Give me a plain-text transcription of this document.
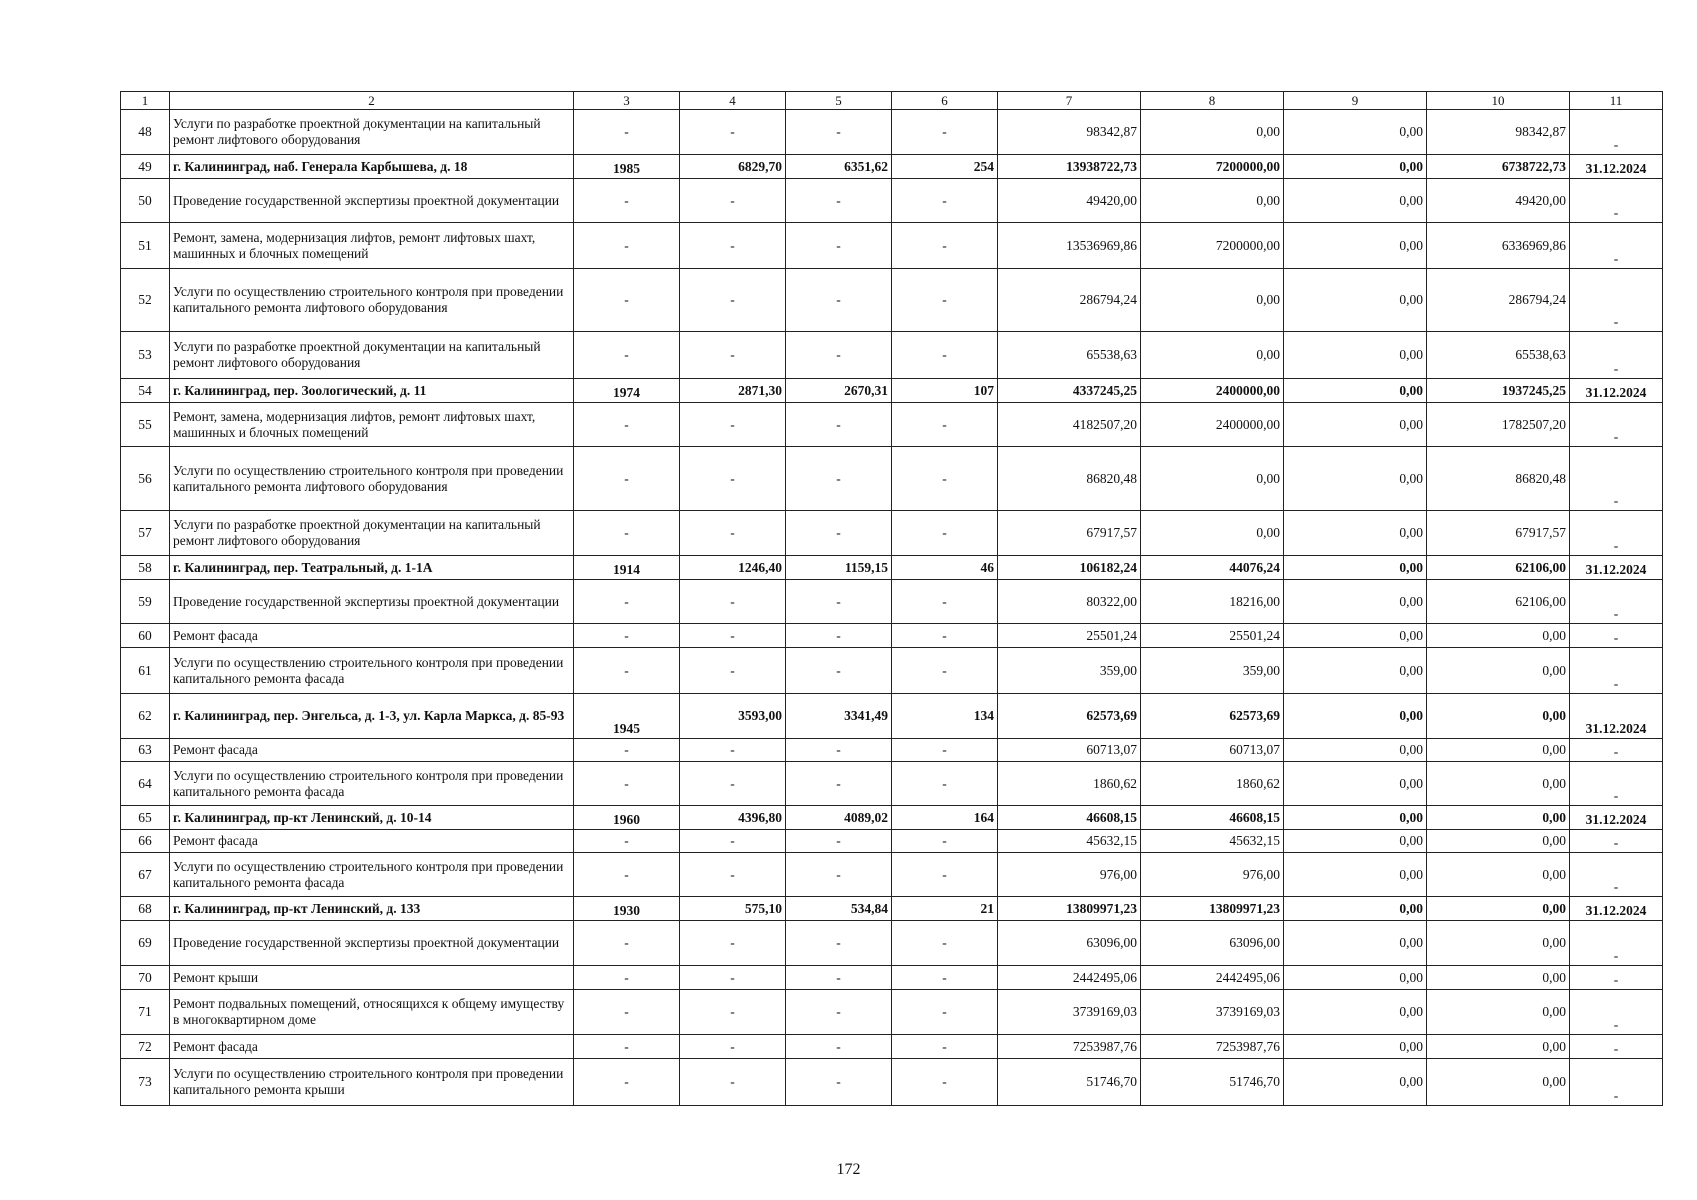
1	2	3	4	5	6	7	8	9	10	11
48	Услуги по разработке проектной документации на капитальный ремонт лифтового оборудования	-	-	-	-	98342,87	0,00	0,00	98342,87	-
49	г. Калининград, наб. Генерала Карбышева, д. 18	1985	6829,70	6351,62	254	13938722,73	7200000,00	0,00	6738722,73	31.12.2024
50	Проведение государственной экспертизы проектной документации	-	-	-	-	49420,00	0,00	0,00	49420,00	-
51	Ремонт, замена, модернизация лифтов, ремонт лифтовых шахт, машинных и блочных помещений	-	-	-	-	13536969,86	7200000,00	0,00	6336969,86	-
52	Услуги по осуществлению строительного контроля при проведении капитального ремонта лифтового оборудования	-	-	-	-	286794,24	0,00	0,00	286794,24	-
53	Услуги по разработке проектной документации на капитальный ремонт лифтового оборудования	-	-	-	-	65538,63	0,00	0,00	65538,63	-
54	г. Калининград, пер. Зоологический, д. 11	1974	2871,30	2670,31	107	4337245,25	2400000,00	0,00	1937245,25	31.12.2024
55	Ремонт, замена, модернизация лифтов, ремонт лифтовых шахт, машинных и блочных помещений	-	-	-	-	4182507,20	2400000,00	0,00	1782507,20	-
56	Услуги по осуществлению строительного контроля при проведении капитального ремонта лифтового оборудования	-	-	-	-	86820,48	0,00	0,00	86820,48	-
57	Услуги по разработке проектной документации на капитальный ремонт лифтового оборудования	-	-	-	-	67917,57	0,00	0,00	67917,57	-
58	г. Калининград, пер. Театральный, д. 1-1А	1914	1246,40	1159,15	46	106182,24	44076,24	0,00	62106,00	31.12.2024
59	Проведение государственной экспертизы проектной документации	-	-	-	-	80322,00	18216,00	0,00	62106,00	-
60	Ремонт фасада	-	-	-	-	25501,24	25501,24	0,00	0,00	-
61	Услуги по осуществлению строительного контроля при проведении капитального ремонта фасада	-	-	-	-	359,00	359,00	0,00	0,00	-
62	г. Калининград, пер. Энгельса, д. 1-3, ул. Карла Маркса, д. 85-93	1945	3593,00	3341,49	134	62573,69	62573,69	0,00	0,00	31.12.2024
63	Ремонт фасада	-	-	-	-	60713,07	60713,07	0,00	0,00	-
64	Услуги по осуществлению строительного контроля при проведении капитального ремонта фасада	-	-	-	-	1860,62	1860,62	0,00	0,00	-
65	г. Калининград, пр-кт Ленинский, д. 10-14	1960	4396,80	4089,02	164	46608,15	46608,15	0,00	0,00	31.12.2024
66	Ремонт фасада	-	-	-	-	45632,15	45632,15	0,00	0,00	-
67	Услуги по осуществлению строительного контроля при проведении капитального ремонта фасада	-	-	-	-	976,00	976,00	0,00	0,00	-
68	г. Калининград, пр-кт Ленинский, д. 133	1930	575,10	534,84	21	13809971,23	13809971,23	0,00	0,00	31.12.2024
69	Проведение государственной экспертизы проектной документации	-	-	-	-	63096,00	63096,00	0,00	0,00	-
70	Ремонт крыши	-	-	-	-	2442495,06	2442495,06	0,00	0,00	-
71	Ремонт подвальных помещений, относящихся к общему имуществу в многоквартирном доме	-	-	-	-	3739169,03	3739169,03	0,00	0,00	-
72	Ремонт фасада	-	-	-	-	7253987,76	7253987,76	0,00	0,00	-
73	Услуги по осуществлению строительного контроля при проведении капитального ремонта крыши	-	-	-	-	51746,70	51746,70	0,00	0,00	-
172
